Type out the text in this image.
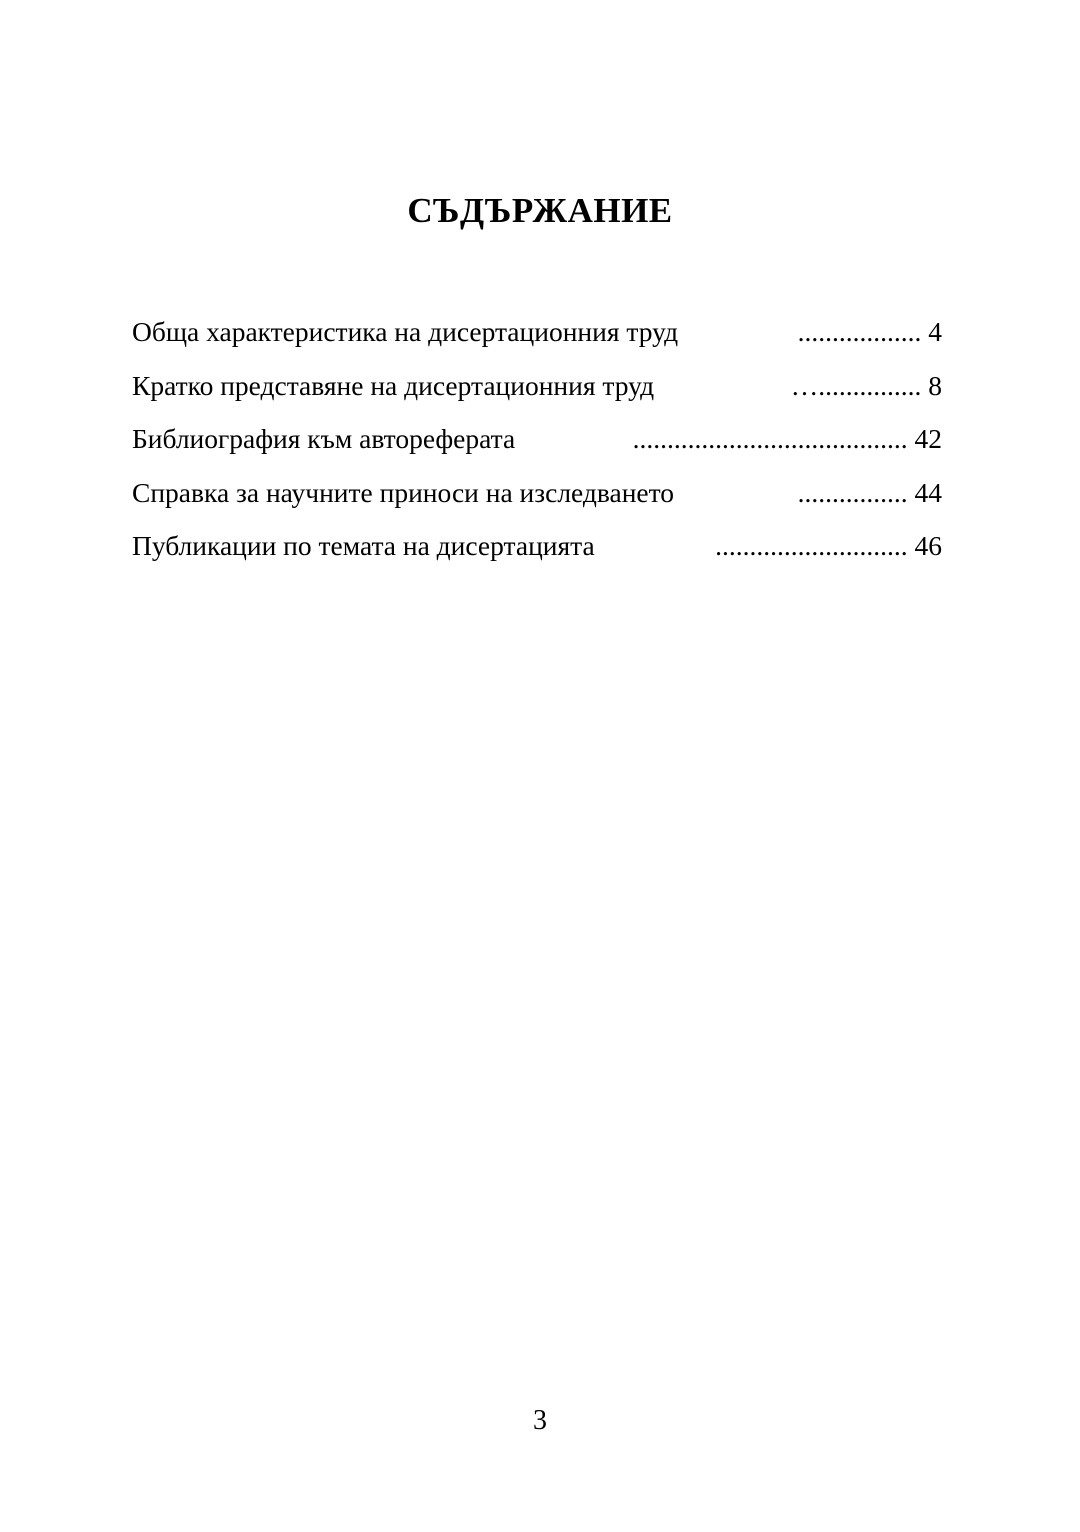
СЪДЪРЖАНИЕ
Обща характеристика на дисертационния труд	.................. 4
Кратко представяне на дисертационния труд	…............... 8
Библиография към автореферата	........................................ 42
Справка за научните приноси на изследването	................ 44
Публикации по темата на дисертацията	............................ 46
3
